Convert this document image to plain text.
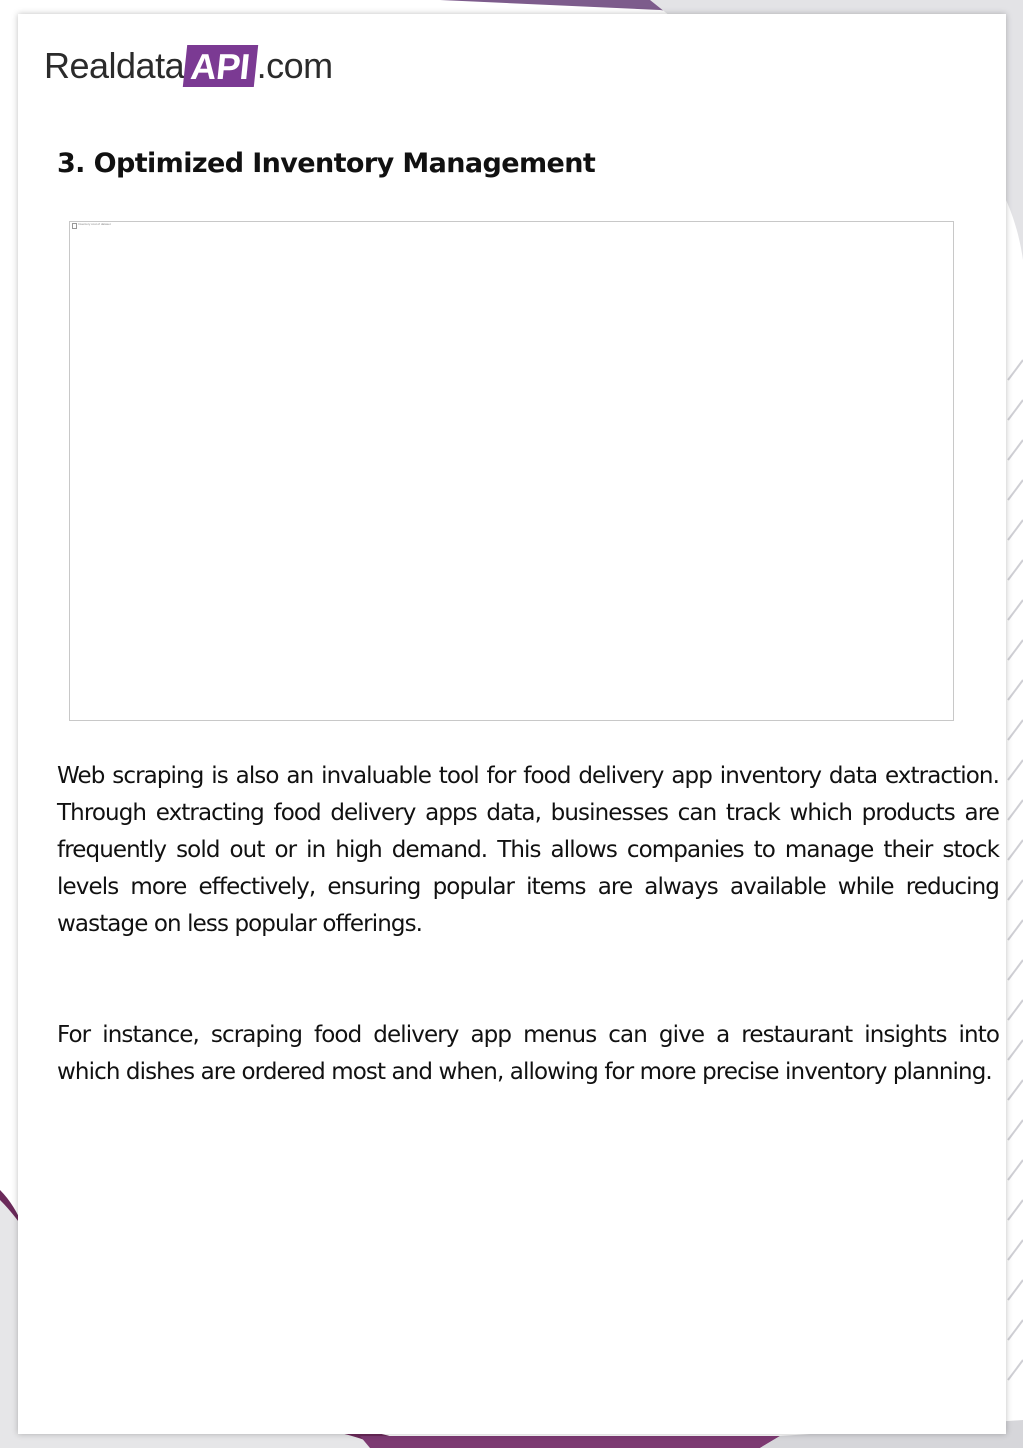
Realdata API .com
3. Optimized Inventory Management
Inventory cost of dataset

Web scraping is also an invaluable tool for food delivery app inventory data extraction. Through extracting food delivery apps data, businesses can track which products are frequently sold out or in high demand. This allows companies to manage their stock levels more effectively, ensuring popular items are always available while reducing wastage on less popular offerings.

For instance, scraping food delivery app menus can give a restaurant insights into which dishes are ordered most and when, allowing for more precise inventory planning.
